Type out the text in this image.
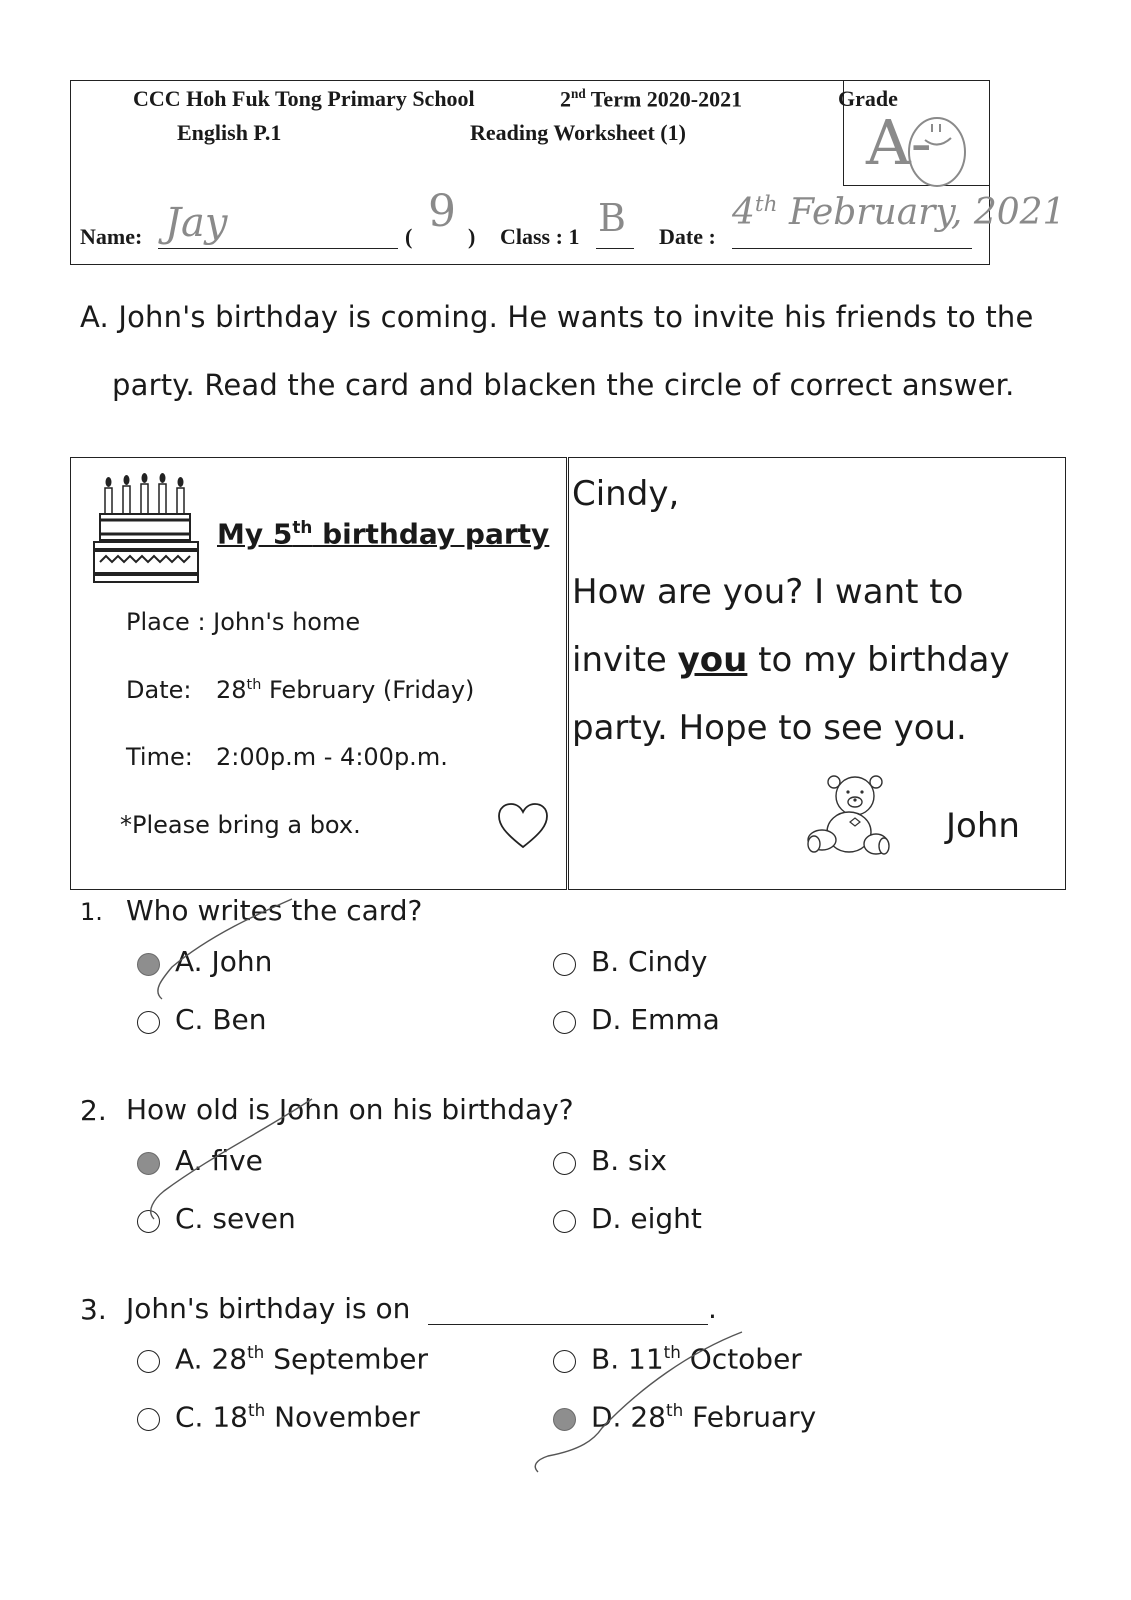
CCC Hoh Fuk Tong Primary School	2nd Term 2020-2021
English P.1	Reading Worksheet (1)
Grade
A-
Name: Jay	( 9 ) Class : 1 B Date :
4th February, 2021
A. John's birthday is coming. He wants to invite his friends to the
party. Read the card and blacken the circle of correct answer.
My 5th birthday party
Place : John's home
Date: 28th February (Friday)
Time: 2:00p.m - 4:00p.m.
*Please bring a box.
Cindy,
How are you? I want to
invite you to my birthday
party. Hope to see you.
John
1. Who writes the card?
A. John	B. Cindy
C. Ben	D. Emma
2. How old is John on his birthday?
A. five	B. six
C. seven	D. eight
3. John's birthday is on	.
A. 28th September	B. 11th October
C. 18th November	D. 28th February
